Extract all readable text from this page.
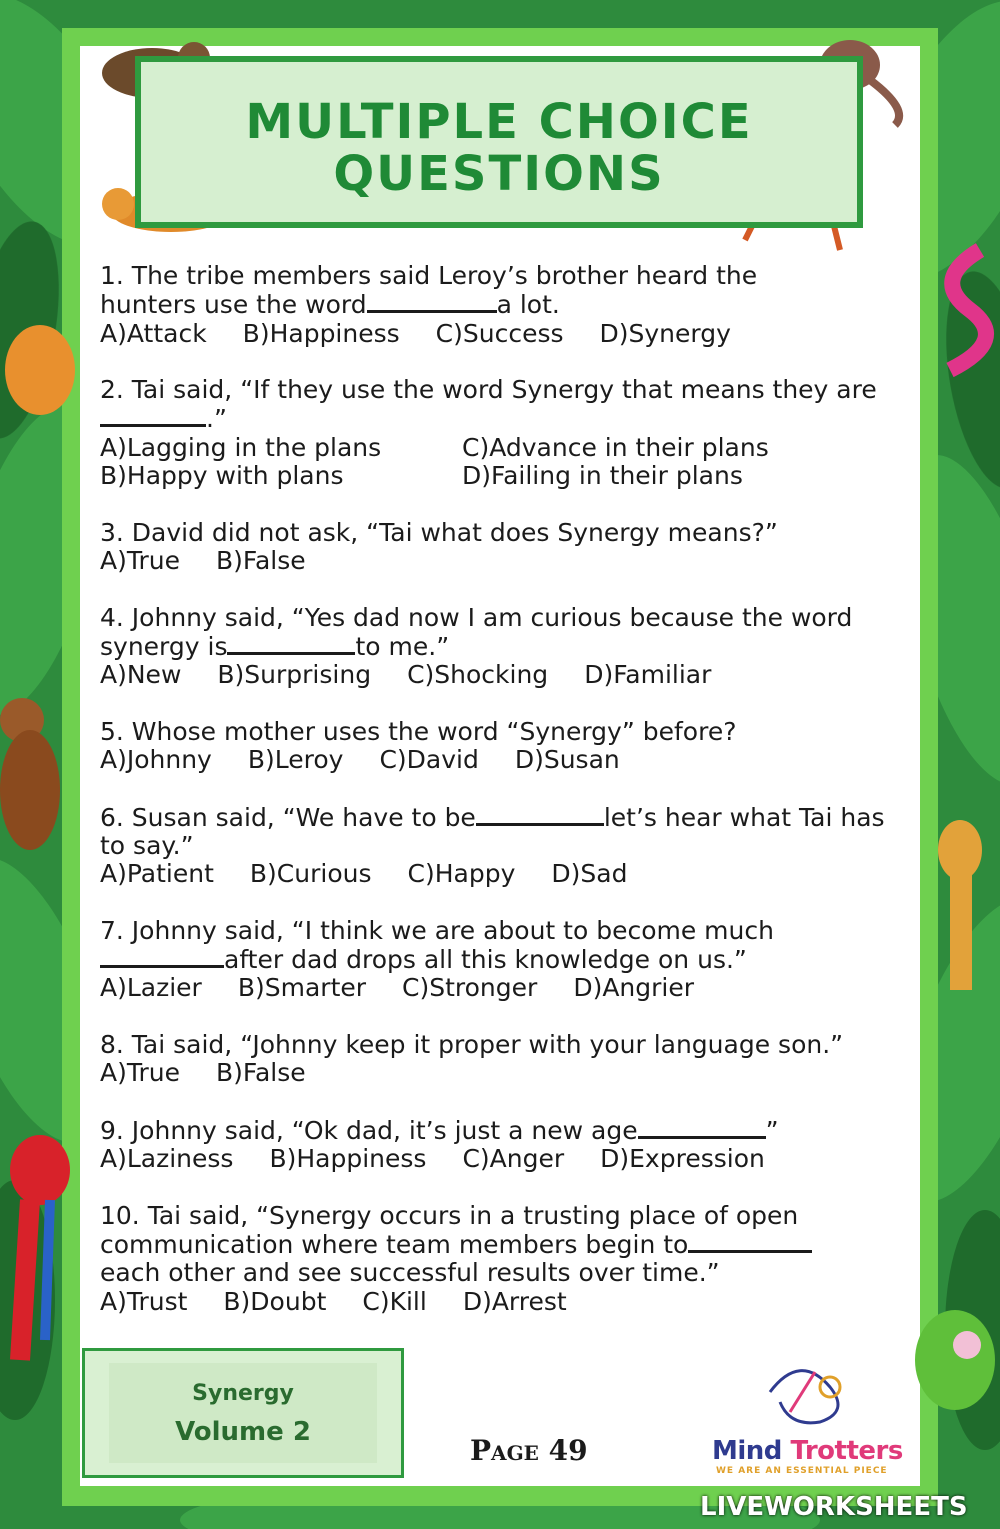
MULTIPLE CHOICE
QUESTIONS

1. The tribe members said Leroy’s brother heard the hunters use the word	a lot.

A)Attack B)Happiness C)Success D)Synergy

2. Tai said, “If they use the word Synergy that means they are.”

A)Lagging in the plans	C)Advance in their plans
B)Happy with plans	D)Failing in their plans

3. David did not ask, “Tai what does Synergy means?”

A)True B)False

4. Johnny said, “Yes dad now I am curious because the word synergy is	to me.”

A)New B)Surprising C)Shocking D)Familiar

5. Whose mother uses the word “Synergy” before?

A)Johnny B)Leroy C)David D)Susan

6. Susan said, “We have to be	let’s hear what Tai has to say.”

A)Patient B)Curious C)Happy D)Sad

7. Johnny said, “I think we are about to become much after dad drops all this knowledge on us.”

A)Lazier B)Smarter C)Stronger D)Angrier

8. Tai said, “Johnny keep it proper with your language son.”

A)True B)False

9. Johnny said, “Ok dad, it’s just a new age	”

A)Laziness B)Happiness C)Anger D)Expression

10. Tai said, “Synergy occurs in a trusting place of open communication where team members begin to each other and see successful results over time.”

A)Trust B)Doubt C)Kill D)Arrest
Synergy
Volume 2
Page 49	Mind Trotters
WE ARE AN ESSENTIAL PIECE
LIVEWORKSHEETS
